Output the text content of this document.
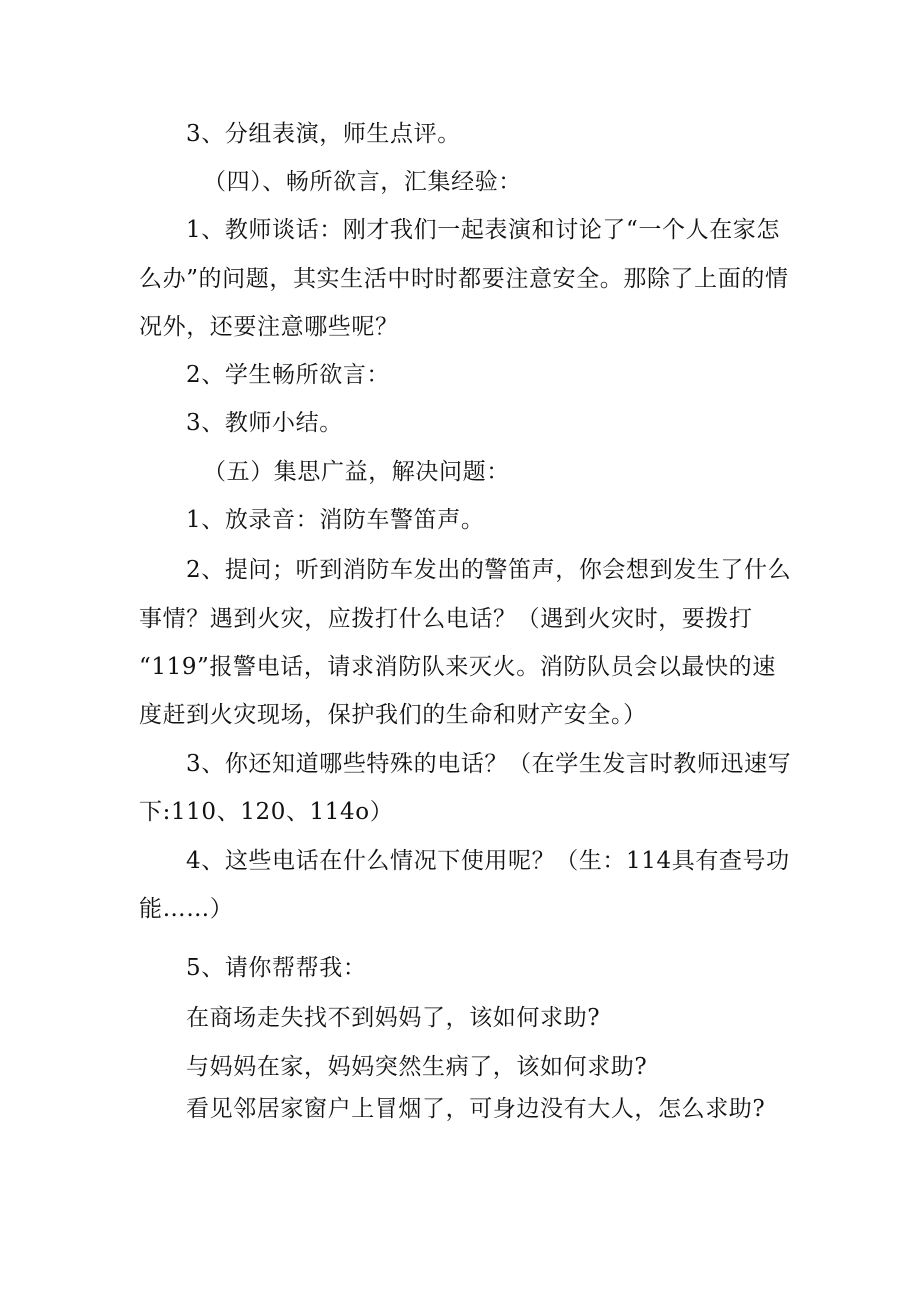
3、分组表演，师生点评。
（四）、畅所欲言，汇集经验：
1、教师谈话：刚才我们一起表演和讨论了“一个人在家怎
么办”的问题，其实生活中时时都要注意安全。那除了上面的情
况外，还要注意哪些呢？
2、学生畅所欲言：
3、教师小结。
（五）集思广益，解决问题：
1、放录音：消防车警笛声。
2、提问；听到消防车发出的警笛声，你会想到发生了什么
事情？遇到火灾，应拨打什么电话？（遇到火灾时，要拨打
“119”报警电话，请求消防队来灭火。消防队员会以最快的速
度赶到火灾现场，保护我们的生命和财产安全。）
3、你还知道哪些特殊的电话？（在学生发言时教师迅速写
下:110、120、114o）
4、这些电话在什么情况下使用呢？（生：114具有查号功
能……）
5、请你帮帮我：
在商场走失找不到妈妈了，该如何求助?
与妈妈在家，妈妈突然生病了，该如何求助?
看见邻居家窗户上冒烟了，可身边没有大人，怎么求助?
